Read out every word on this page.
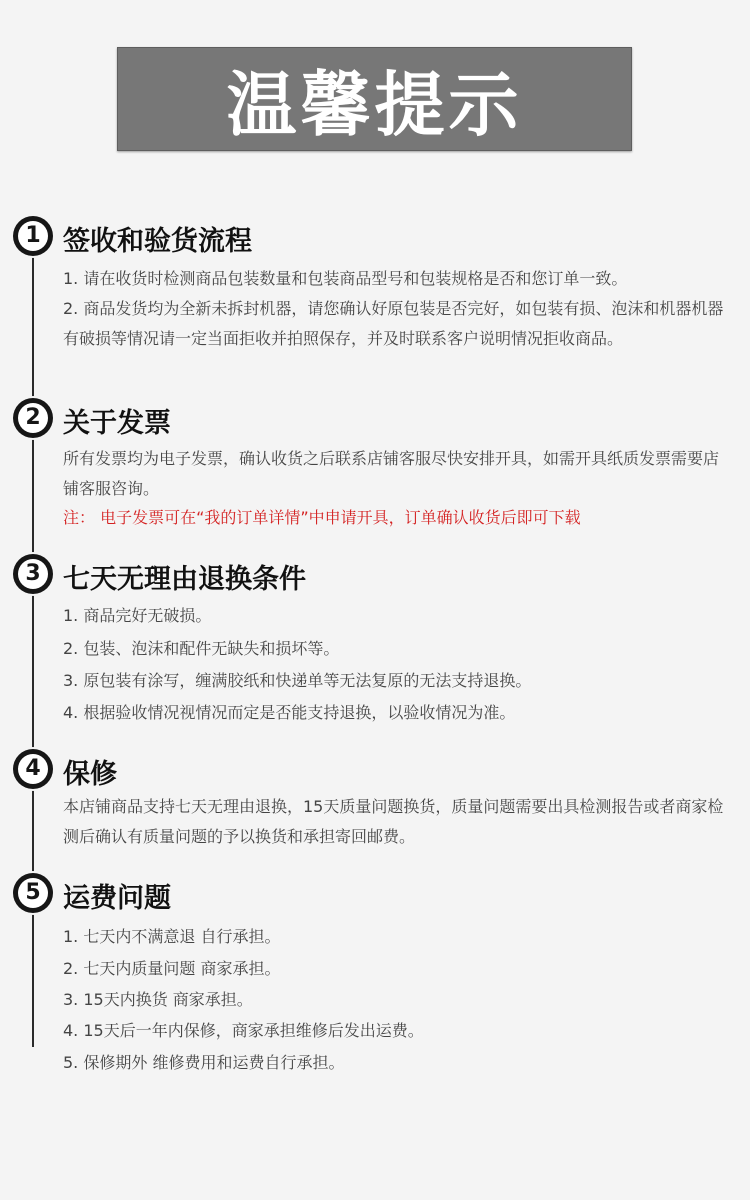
温馨提示
1 签收和验货流程
1. 请在收货时检测商品包装数量和包装商品型号和包装规格是否和您订单一致。
2. 商品发货均为全新未拆封机器，请您确认好原包装是否完好，如包装有损、泡沫和机器机器有破损等情况请一定当面拒收并拍照保存，并及时联系客户说明情况拒收商品。
2 关于发票
所有发票均为电子发票，确认收货之后联系店铺客服尽快安排开具，如需开具纸质发票需要店铺客服咨询。
注： 电子发票可在“我的订单详情”中申请开具，订单确认收货后即可下载
3 七天无理由退换条件
1. 商品完好无破损。
2. 包装、泡沫和配件无缺失和损坏等。
3. 原包装有涂写，缠满胶纸和快递单等无法复原的无法支持退换。
4. 根据验收情况视情况而定是否能支持退换，以验收情况为准。
4 保修
本店铺商品支持七天无理由退换，15天质量问题换货，质量问题需要出具检测报告或者商家检测后确认有质量问题的予以换货和承担寄回邮费。
5 运费问题
1. 七天内不满意退 自行承担。
2. 七天内质量问题 商家承担。
3. 15天内换货 商家承担。
4. 15天后一年内保修，商家承担维修后发出运费。
5. 保修期外 维修费用和运费自行承担。
